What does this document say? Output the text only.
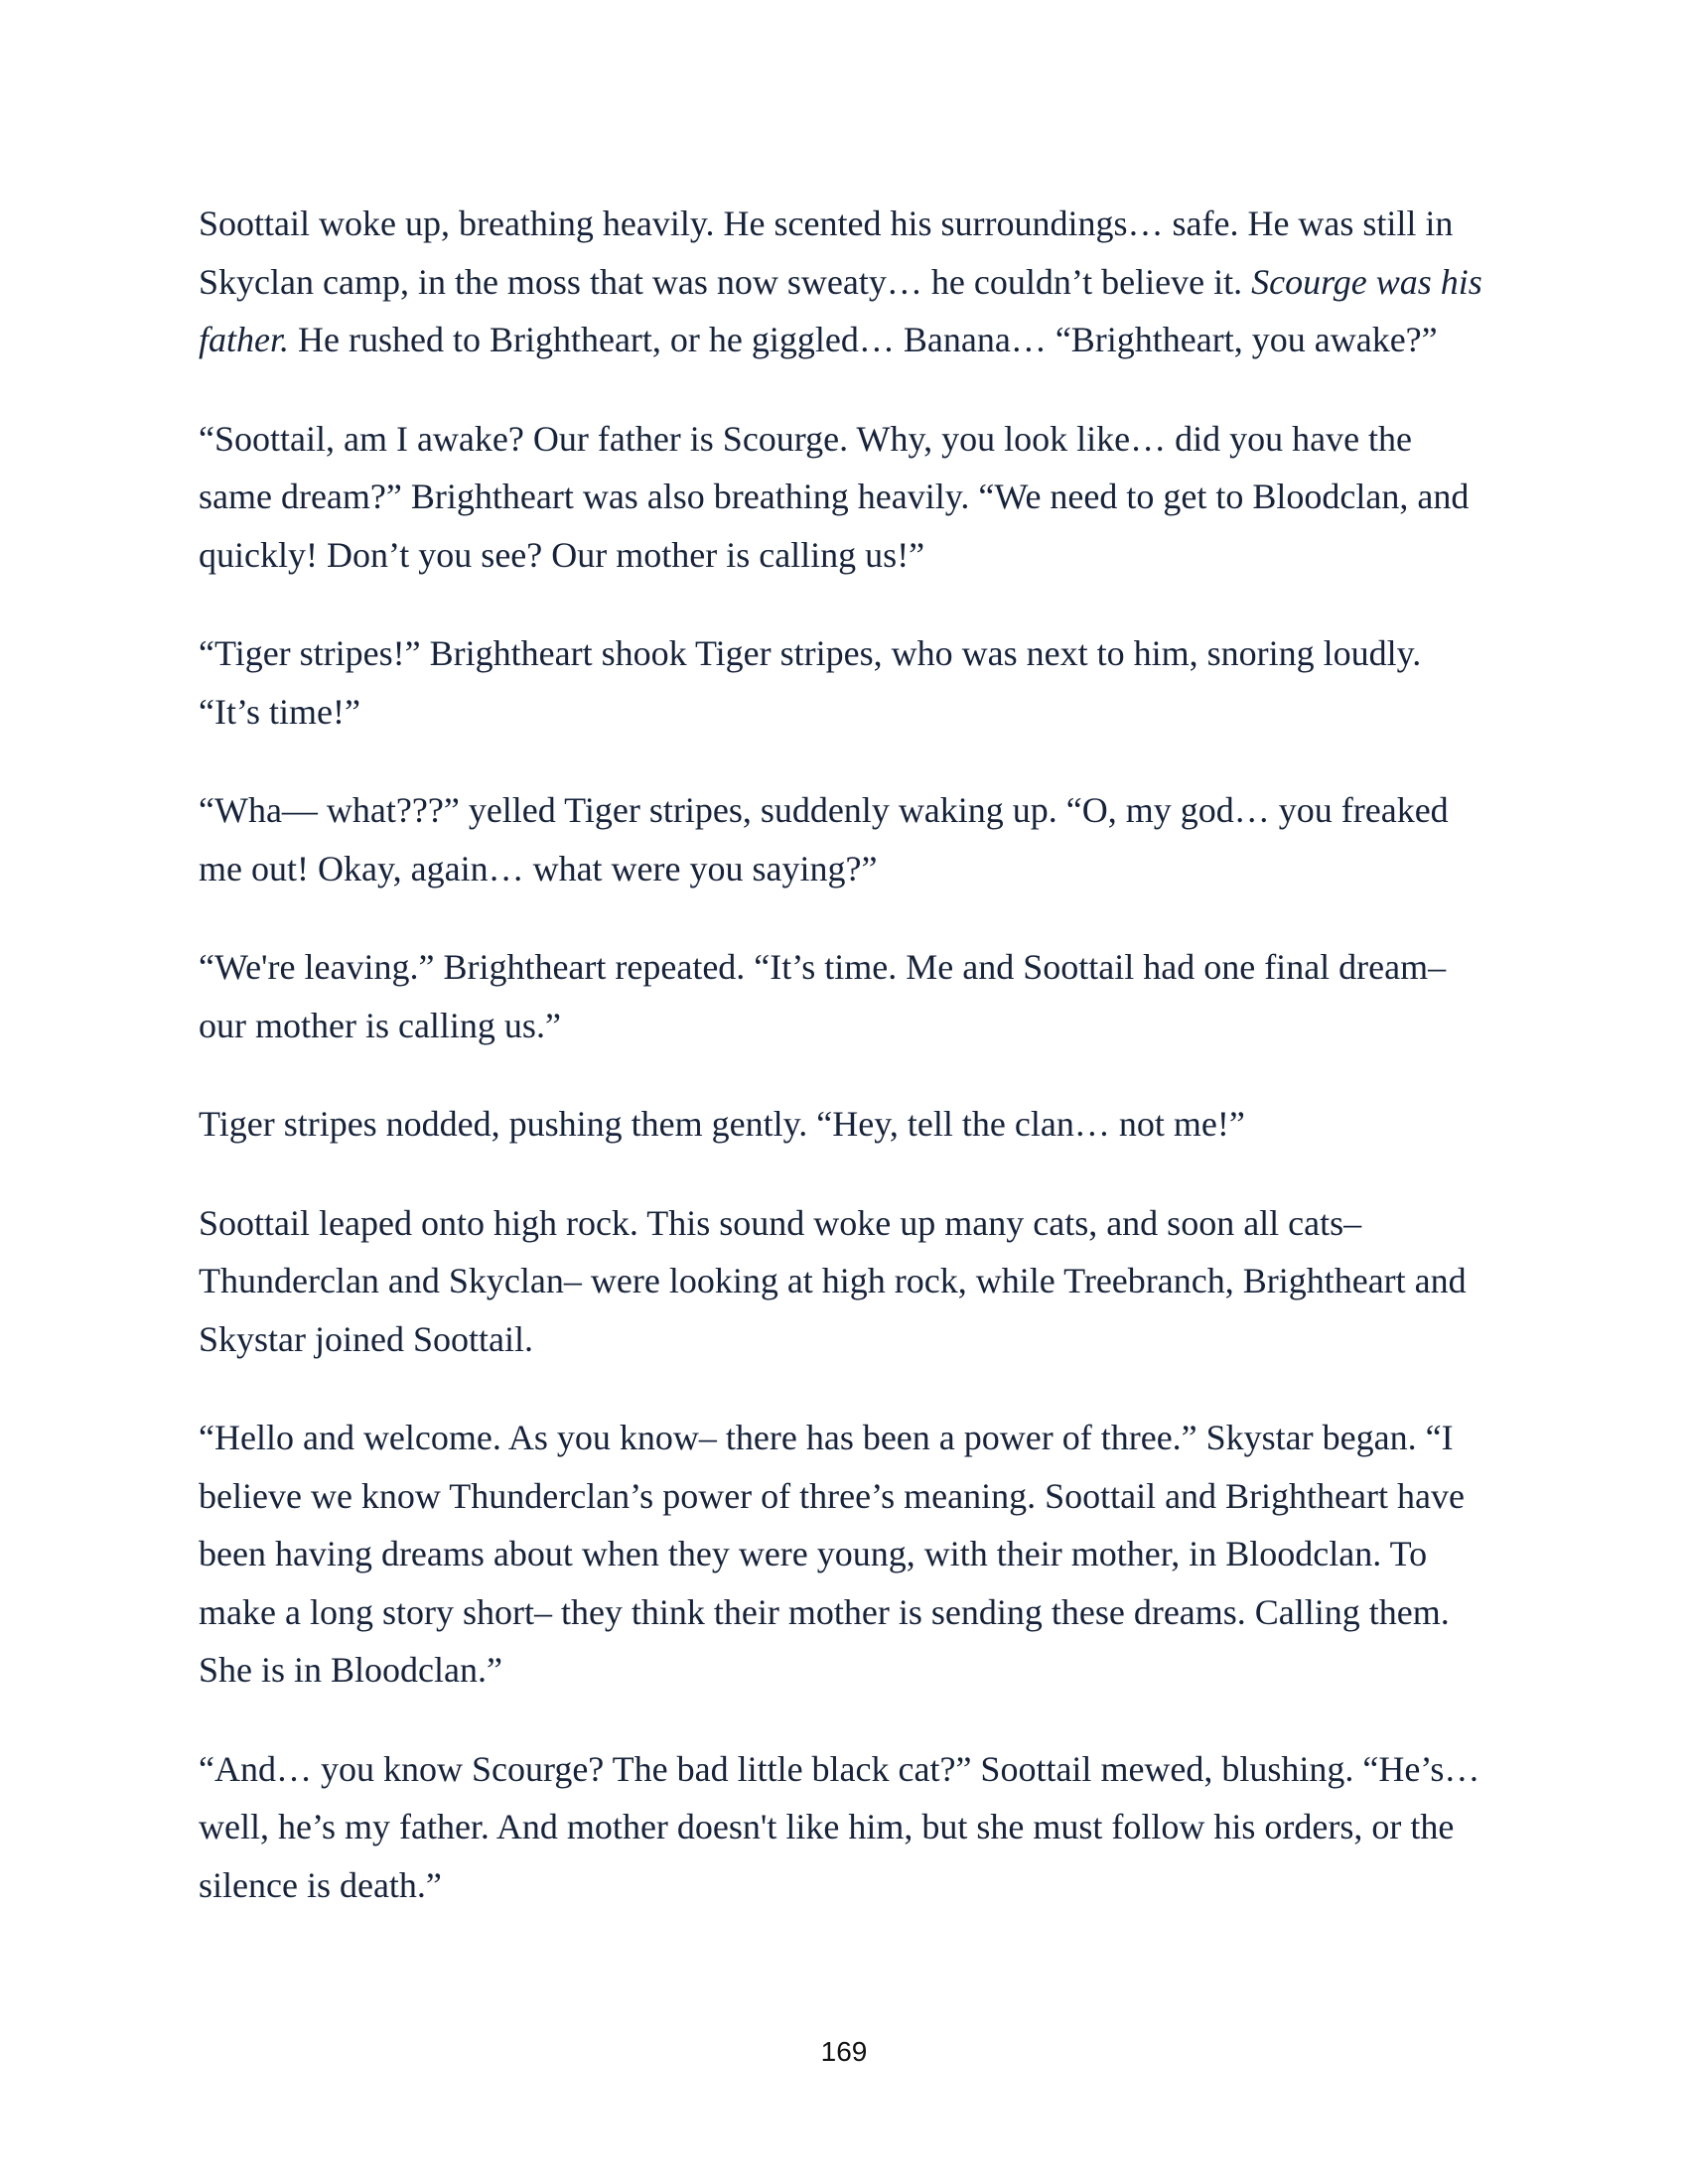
Soottail woke up, breathing heavily. He scented his surroundings… safe. He was still in Skyclan camp, in the moss that was now sweaty… he couldn’t believe it. Scourge was his father. He rushed to Brightheart, or he giggled… Banana… “Brightheart, you awake?”

“Soottail, am I awake? Our father is Scourge. Why, you look like… did you have the same dream?” Brightheart was also breathing heavily. “We need to get to Bloodclan, and quickly! Don’t you see? Our mother is calling us!”

“Tiger stripes!” Brightheart shook Tiger stripes, who was next to him, snoring loudly. “It’s time!”

“Wha— what???” yelled Tiger stripes, suddenly waking up. “O, my god… you freaked me out! Okay, again… what were you saying?”

“We're leaving.” Brightheart repeated. “It’s time. Me and Soottail had one final dream– our mother is calling us.”

Tiger stripes nodded, pushing them gently. “Hey, tell the clan… not me!”

Soottail leaped onto high rock. This sound woke up many cats, and soon all cats– Thunderclan and Skyclan– were looking at high rock, while Treebranch, Brightheart and Skystar joined Soottail.

“Hello and welcome. As you know– there has been a power of three.” Skystar began. “I believe we know Thunderclan’s power of three’s meaning. Soottail and Brightheart have been having dreams about when they were young, with their mother, in Bloodclan. To make a long story short– they think their mother is sending these dreams. Calling them. She is in Bloodclan.”

“And… you know Scourge? The bad little black cat?” Soottail mewed, blushing. “He’s… well, he’s my father. And mother doesn't like him, but she must follow his orders, or the silence is death.”

169
